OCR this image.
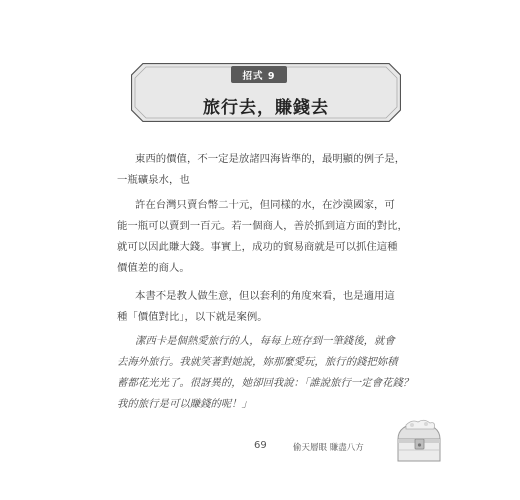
招式 9
旅行去，賺錢去
東西的價值，不一定是放諸四海皆準的，最明顯的例子是，
一瓶礦泉水，也
許在台灣只賣台幣二十元，但同樣的水，在沙漠國家，可
能一瓶可以賣到一百元。若一個商人，善於抓到這方面的對比，
就可以因此賺大錢。事實上，成功的貿易商就是可以抓住這種
價值差的商人。
本書不是教人做生意，但以套利的角度來看，也是適用這
種「價值對比」，以下就是案例。
潔西卡是個熱愛旅行的人，每每上班存到一筆錢後，就會
去海外旅行。我就笑著對她說，妳那麼愛玩，旅行的錢把妳積
蓄都花光光了。很訝異的，她卻回我說：「誰說旅行一定會花錢？
我的旅行是可以賺錢的呢！」
69	偷天層眼 賺盡八方
